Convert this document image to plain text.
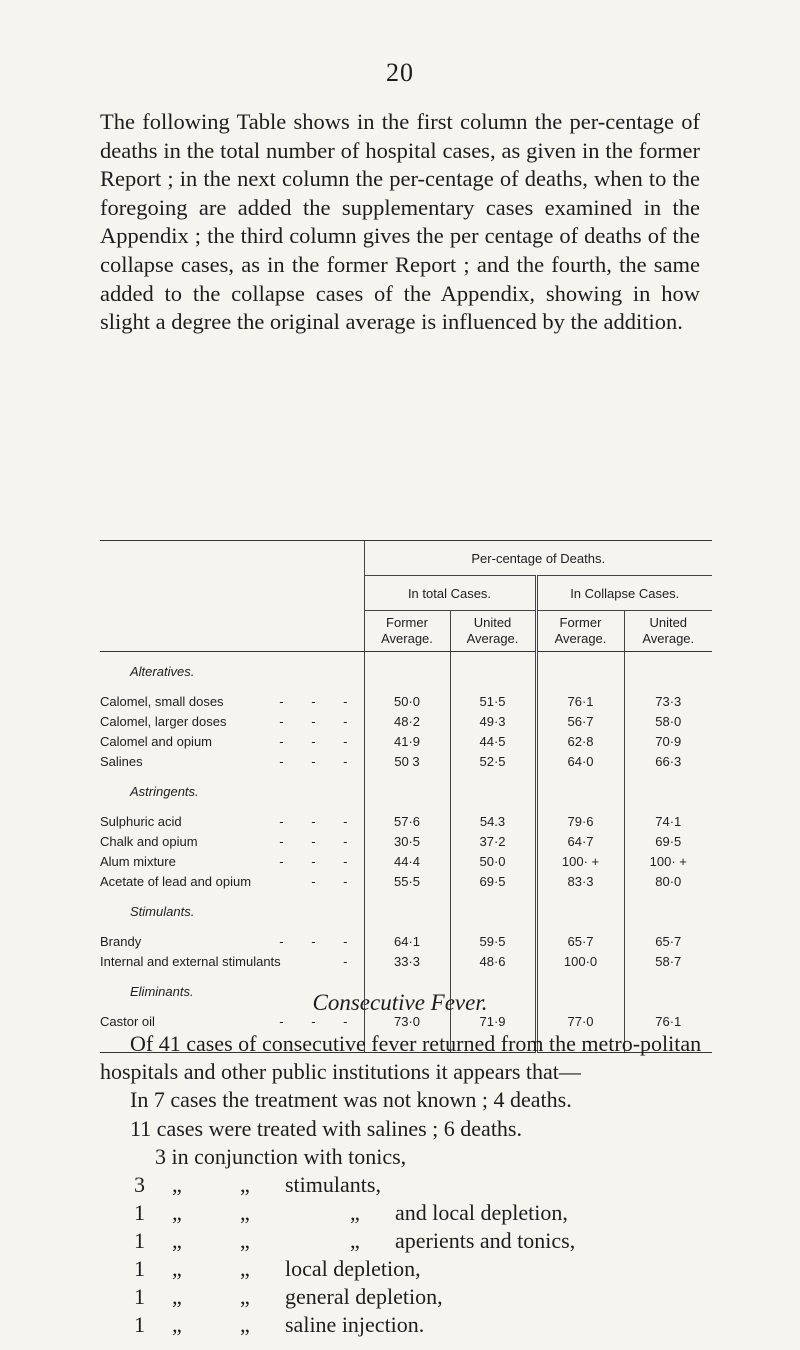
20

The following Table shows in the first column the per-centage of deaths in the total number of hospital cases, as given in the former Report ; in the next column the per-centage of deaths, when to the foregoing are added the supplementary cases examined in the Appendix ; the third column gives the per centage of deaths of the collapse cases, as in the former Report ; and the fourth, the same added to the collapse cases of the Appendix, showing in how slight a degree the original average is influenced by the addition.

	Per-centage of Deaths.			
	In total Cases.		In Collapse Cases.	
	Former Average.	United Average.	Former Average.	United Average.
Alteratives.				
Calomel, small doses - - -	50·0	51·5	76·1	73·3
Calomel, larger doses - - -	48·2	49·3	56·7	58·0
Calomel and opium - - -	41·9	44·5	62·8	70·9
Salines - - -	50 3	52·5	64·0	66·3
Astringents.				
Sulphuric acid - - -	57·6	54.3	79·6	74·1
Chalk and opium - - -	30·5	37·2	64·7	69·5
Alum mixture - - -	44·4	50·0	100· +	100· +
Acetate of lead and opium - -	55·5	69·5	83·3	80·0
Stimulants.				
Brandy - - -	64·1	59·5	65·7	65·7
Internal and external stimulants -	33·3	48·6	100·0	58·7
Eliminants.				
Castor oil - - -	73·0	71·9	77·0	76·1

Consecutive Fever.

Of 41 cases of consecutive fever returned from the metro-politan hospitals and other public institutions it appears that—

In 7 cases the treatment was not known ; 4 deaths.

11 cases were treated with salines ; 6 deaths.

3 in conjunction with tonics,

3 „	„ stimulants,
1 „	„	„ and local depletion,
1 „	„	„ aperients and tonics,
1 „	„ local depletion,
1 „	„ general depletion,
1 „	„ saline injection.
